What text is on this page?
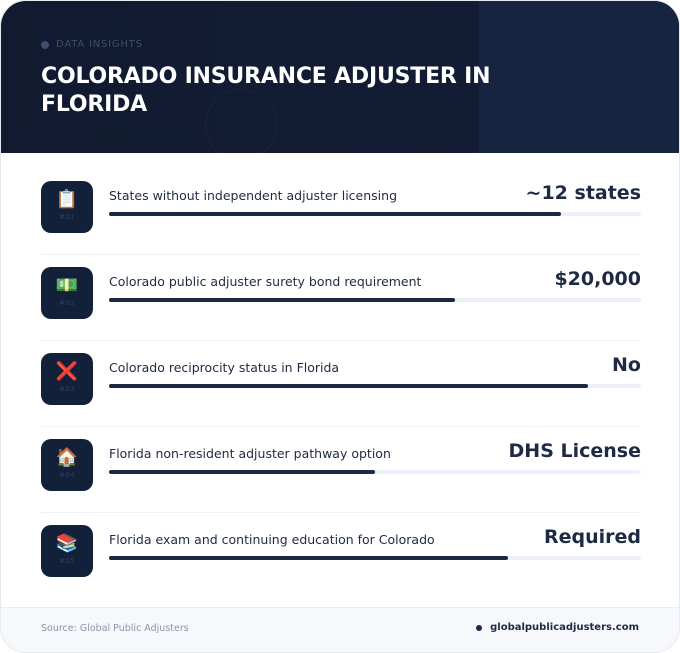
DATA INSIGHTS
COLORADO INSURANCE ADJUSTER IN FLORIDA
📋
#01
States without independent adjuster licensing	~12 states
💵
#02
Colorado public adjuster surety bond requirement	$20,000
❌
#03
Colorado reciprocity status in Florida	No
🏠
#04
Florida non-resident adjuster pathway option	DHS License
📚
#05
Florida exam and continuing education for Colorado	Required
Source: Global Public Adjusters	globalpublicadjusters.com
